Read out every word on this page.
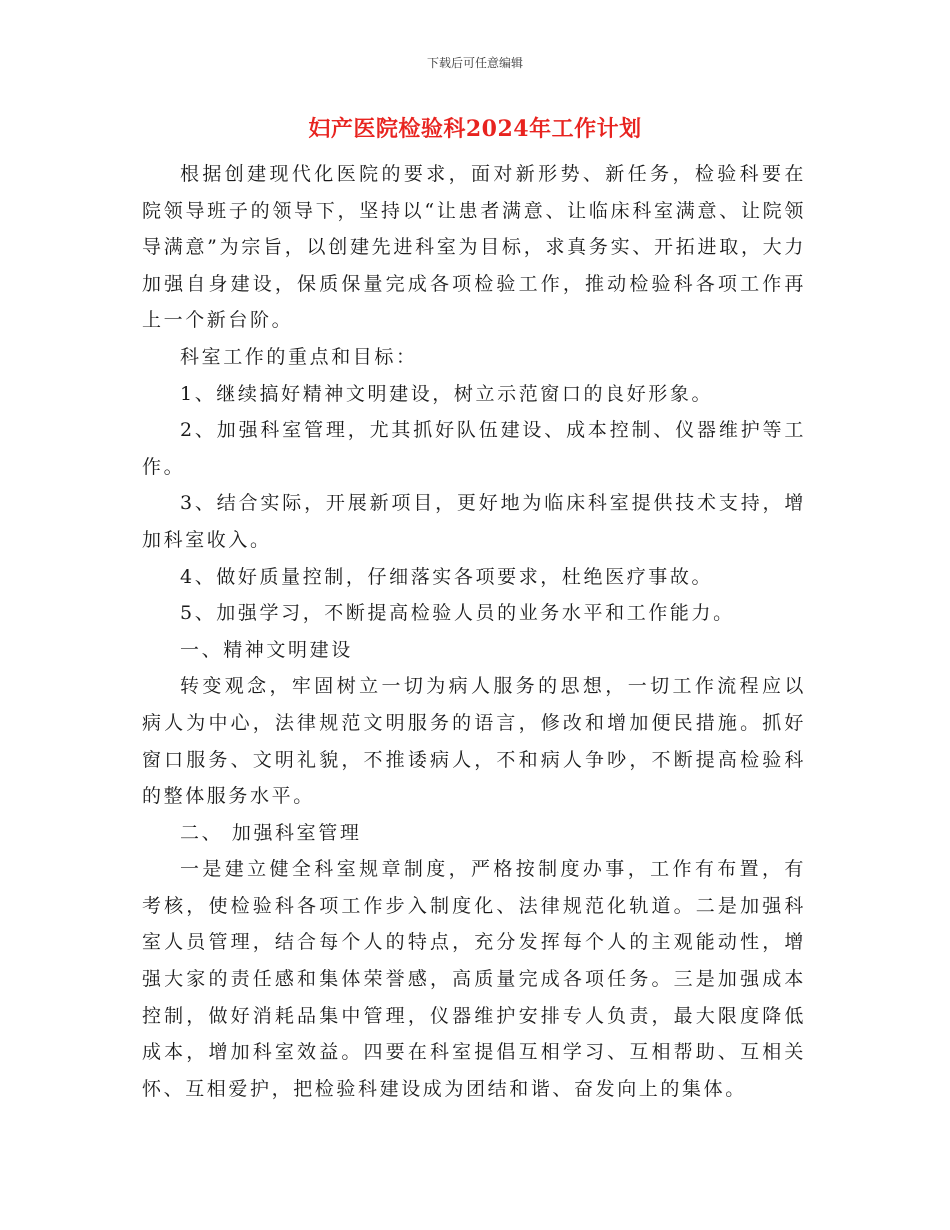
下载后可任意编辑
妇产医院检验科2024年工作计划

根据创建现代化医院的要求，面对新形势、新任务，检验科要在院领导班子的领导下，坚持以“让患者满意、让临床科室满意、让院领导满意”为宗旨，以创建先进科室为目标，求真务实、开拓进取，大力加强自身建设，保质保量完成各项检验工作，推动检验科各项工作再上一个新台阶。

科室工作的重点和目标：

1、继续搞好精神文明建设，树立示范窗口的良好形象。

2、加强科室管理，尤其抓好队伍建设、成本控制、仪器维护等工作。

3、结合实际，开展新项目，更好地为临床科室提供技术支持，增加科室收入。

4、做好质量控制，仔细落实各项要求，杜绝医疗事故。

5、加强学习，不断提高检验人员的业务水平和工作能力。

一、精神文明建设

转变观念，牢固树立一切为病人服务的思想，一切工作流程应以病人为中心，法律规范文明服务的语言，修改和增加便民措施。抓好窗口服务、文明礼貌，不推诿病人，不和病人争吵，不断提高检验科的整体服务水平。

二、 加强科室管理

一是建立健全科室规章制度，严格按制度办事，工作有布置，有考核，使检验科各项工作步入制度化、法律规范化轨道。二是加强科室人员管理，结合每个人的特点，充分发挥每个人的主观能动性，增强大家的责任感和集体荣誉感，高质量完成各项任务。三是加强成本控制，做好消耗品集中管理，仪器维护安排专人负责，最大限度降低成本，增加科室效益。四要在科室提倡互相学习、互相帮助、互相关怀、互相爱护，把检验科建设成为团结和谐、奋发向上的集体。
